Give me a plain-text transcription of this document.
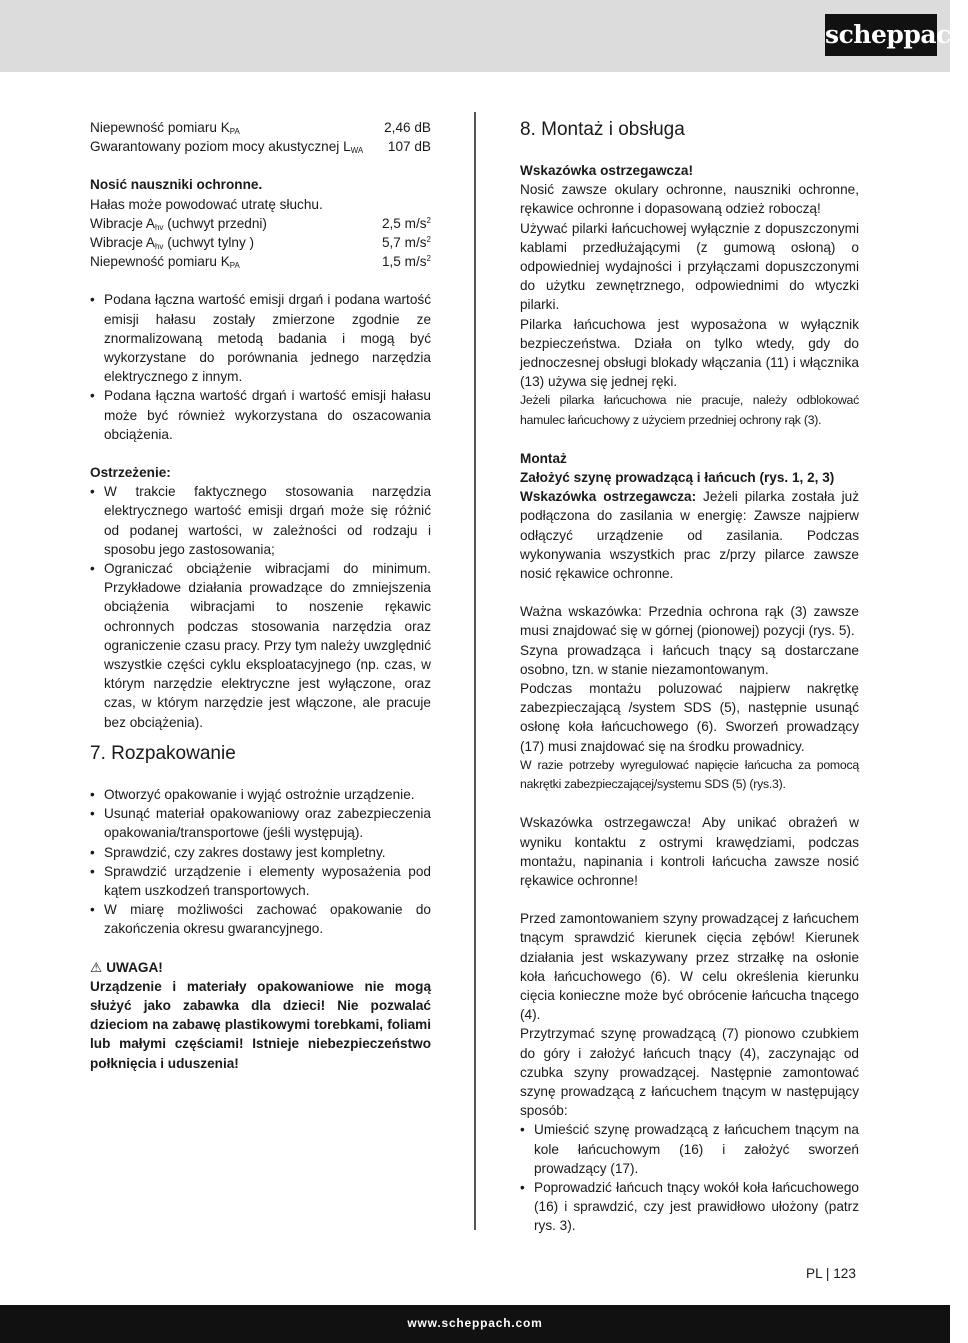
scheppach
Niepewność pomiaru $K_{PA}$	2,46 dB
Gwarantowany poziom mocy akustycznej $L_{WA}$ 107 dB

Nosić nauszniki ochronne.

Hałas może powodować utratę słuchu.

Wibracje $A_{hv}$ (uchwyt przedni)	2,5 $m/s^2$
Wibracje $A_{hv}$ (uchwyt tylny )	5,7 $m/s^2$
Niepewność pomiaru $K_{PA}$	1,5 $m/s^2$
• Podana łączna wartość emisji drgań i podana wartość emisji hałasu zostały zmierzone zgodnie ze znormalizowaną metodą badania i mogą być wykorzystane do porównania jednego narzędzia elektrycznego z innym.
• Podana łączna wartość drgań i wartość emisji hałasu może być również wykorzystana do oszacowania obciążenia.

Ostrzeżenie:

• W trakcie faktycznego stosowania narzędzia elektrycznego wartość emisji drgań może się różnić od podanej wartości, w zależności od rodzaju i sposobu jego zastosowania;
• Ograniczać obciążenie wibracjami do minimum. Przykładowe działania prowadzące do zmniejszenia obciążenia wibracjami to noszenie rękawic ochronnych podczas stosowania narzędzia oraz ograniczenie czasu pracy. Przy tym należy uwzględnić wszystkie części cyklu eksploatacyjnego (np. czas, w którym narzędzie elektryczne jest wyłączone, oraz czas, w którym narzędzie jest włączone, ale pracuje bez obciążenia).
7. Rozpakowanie
• Otworzyć opakowanie i wyjąć ostrożnie urządzenie.
• Usunąć materiał opakowaniowy oraz zabezpieczenia opakowania/transportowe (jeśli występują).
• Sprawdzić, czy zakres dostawy jest kompletny.
• Sprawdzić urządzenie i elementy wyposażenia pod kątem uszkodzeń transportowych.
• W miarę możliwości zachować opakowanie do zakończenia okresu gwarancyjnego.

⚠ UWAGA!

Urządzenie i materiały opakowaniowe nie mogą służyć jako zabawka dla dzieci! Nie pozwalać dzieciom na zabawę plastikowymi torebkami, foliami lub małymi częściami! Istnieje niebezpieczeństwo połknięcia i uduszenia!

8. Montaż i obsługa

Wskazówka ostrzegawcza!

Nosić zawsze okulary ochronne, nauszniki ochronne, rękawice ochronne i dopasowaną odzież roboczą!

Używać pilarki łańcuchowej wyłącznie z dopuszczonymi kablami przedłużającymi (z gumową osłoną) o odpowiedniej wydajności i przyłączami dopuszczonymi do użytku zewnętrznego, odpowiednimi do wtyczki pilarki.

Pilarka łańcuchowa jest wyposażona w wyłącznik bezpieczeństwa. Działa on tylko wtedy, gdy do jednoczesnej obsługi blokady włączania (11) i włącznika (13) używa się jednej ręki.

Jeżeli pilarka łańcuchowa nie pracuje, należy odblokować hamulec łańcuchowy z użyciem przedniej ochrony rąk (3).

Montaż

Założyć szynę prowadzącą i łańcuch (rys. 1, 2, 3)

Wskazówka ostrzegawcza: Jeżeli pilarka została już podłączona do zasilania w energię: Zawsze najpierw odłączyć urządzenie od zasilania. Podczas wykonywania wszystkich prac z/przy pilarce zawsze nosić rękawice ochronne.

Ważna wskazówka: Przednia ochrona rąk (3) zawsze musi znajdować się w górnej (pionowej) pozycji (rys. 5).

Szyna prowadząca i łańcuch tnący są dostarczane osobno, tzn. w stanie niezamontowanym.

Podczas montażu poluzować najpierw nakrętkę zabezpieczającą /system SDS (5), następnie usunąć osłonę koła łańcuchowego (6). Sworzeń prowadzący (17) musi znajdować się na środku prowadnicy.

W razie potrzeby wyregulować napięcie łańcucha za pomocą nakrętki zabezpieczającej/systemu SDS (5) (rys.3).

Wskazówka ostrzegawcza! Aby unikać obrażeń w wyniku kontaktu z ostrymi krawędziami, podczas montażu, napinania i kontroli łańcucha zawsze nosić rękawice ochronne!

Przed zamontowaniem szyny prowadzącej z łańcuchem tnącym sprawdzić kierunek cięcia zębów! Kierunek działania jest wskazywany przez strzałkę na osłonie koła łańcuchowego (6). W celu określenia kierunku cięcia konieczne może być obrócenie łańcucha tnącego (4).

Przytrzymać szynę prowadzącą (7) pionowo czubkiem do góry i założyć łańcuch tnący (4), zaczynając od czubka szyny prowadzącej. Następnie zamontować szynę prowadzącą z łańcuchem tnącym w następujący sposób:

• Umieścić szynę prowadzącą z łańcuchem tnącym na kole łańcuchowym (16) i założyć sworzeń prowadzący (17).
• Poprowadzić łańcuch tnący wokół koła łańcuchowego (16) i sprawdzić, czy jest prawidłowo ułożony (patrz rys. 3).
PL | 123
www.scheppach.com
